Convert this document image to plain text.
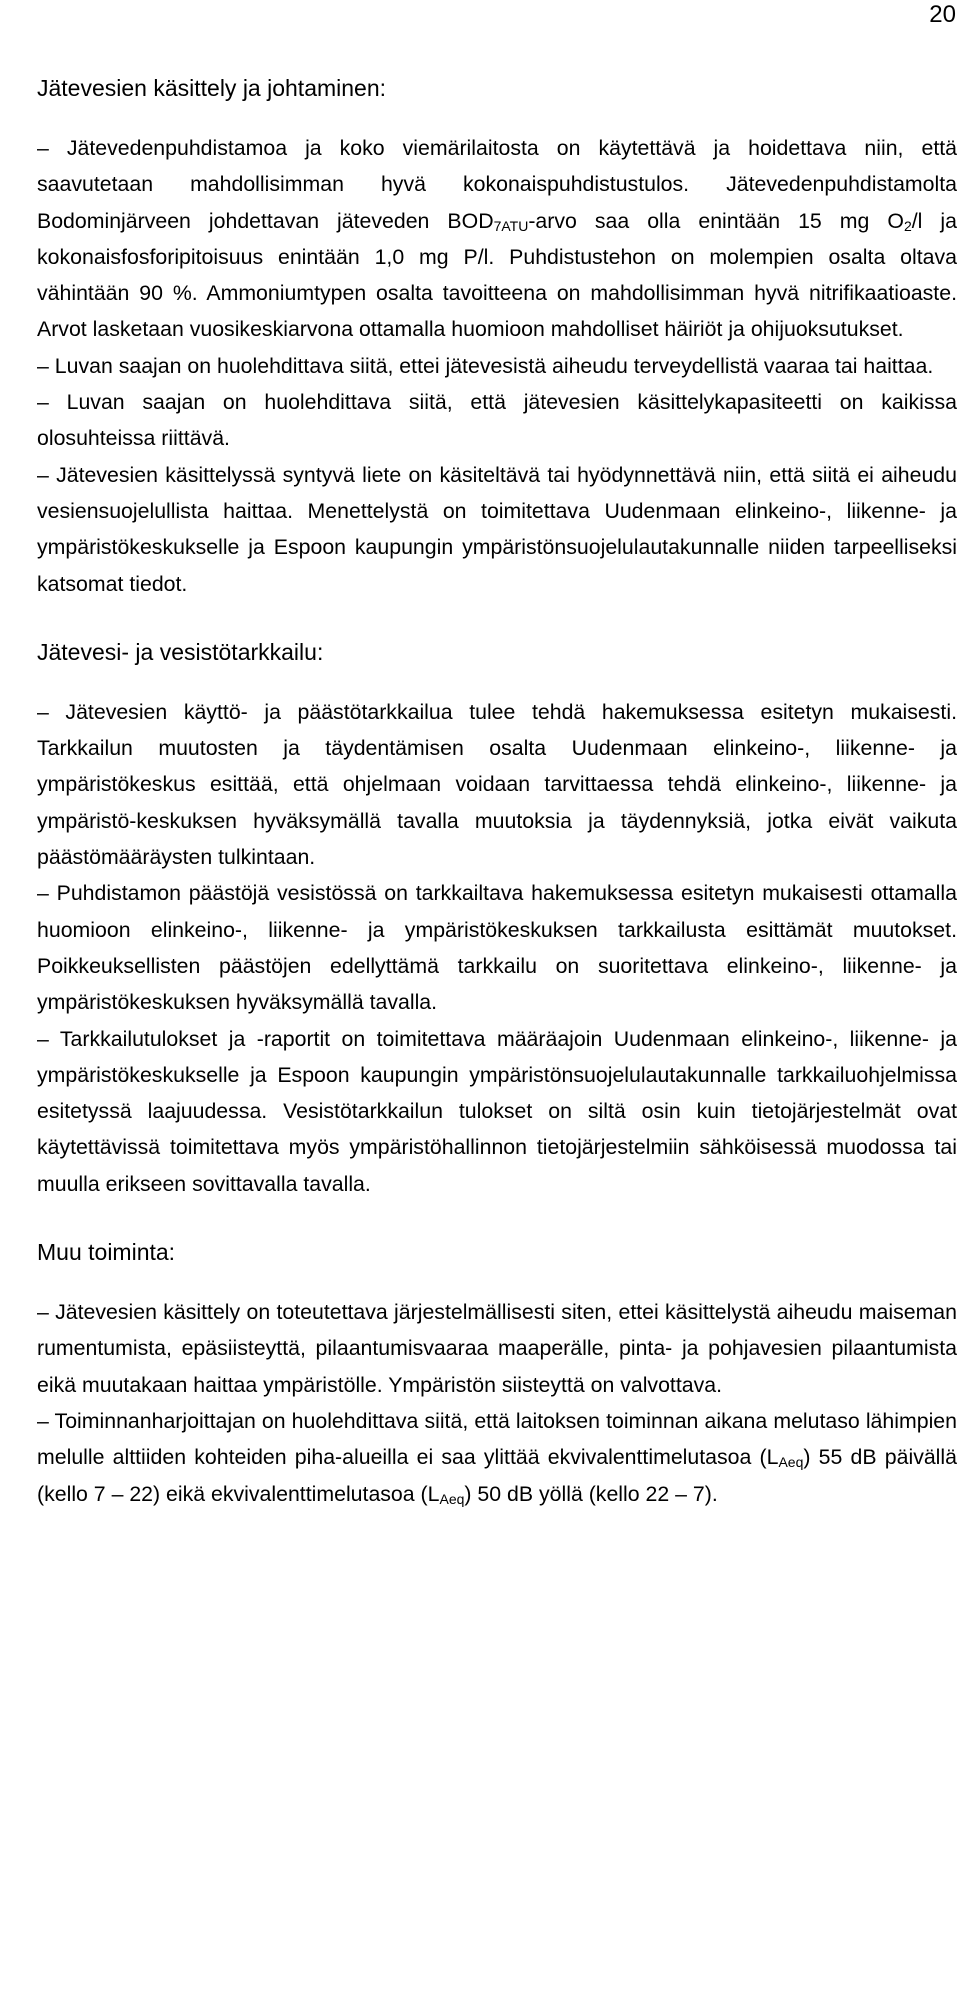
20
Jätevesien käsittely ja johtaminen:

– Jätevedenpuhdistamoa ja koko viemärilaitosta on käytettävä ja hoidettava niin, että saavutetaan mahdollisimman hyvä kokonaispuhdistustulos. Jätevedenpuhdistamolta Bodominjärveen johdettavan jäteveden $BOD_{7ATU}$-arvo saa olla enintään 15 mg $O_2/l$ ja kokonaisfosforipitoisuus enintään 1,0 mg P/l. Puhdistustehon on molempien osalta oltava vähintään 90 %. Ammoniumtypen osalta tavoitteena on mahdollisimman hyvä nitrifikaatioaste. Arvot lasketaan vuosikeskiarvona ottamalla huomioon mahdolliset häiriöt ja ohijuoksutukset.

– Luvan saajan on huolehdittava siitä, ettei jätevesistä aiheudu terveydellistä vaaraa tai haittaa.

– Luvan saajan on huolehdittava siitä, että jätevesien käsittelykapasiteetti on kaikissa olosuhteissa riittävä.

– Jätevesien käsittelyssä syntyvä liete on käsiteltävä tai hyödynnettävä niin, että siitä ei aiheudu vesiensuojelullista haittaa. Menettelystä on toimitettava Uudenmaan elinkeino-, liikenne- ja ympäristökeskukselle ja Espoon kaupungin ympäristönsuojelulautakunnalle niiden tarpeelliseksi katsomat tiedot.

Jätevesi- ja vesistötarkkailu:

– Jätevesien käyttö- ja päästötarkkailua tulee tehdä hakemuksessa esitetyn mukaisesti. Tarkkailun muutosten ja täydentämisen osalta Uudenmaan elinkeino-, liikenne- ja ympäristökeskus esittää, että ohjelmaan voidaan tarvittaessa tehdä elinkeino-, liikenne- ja ympäristö-keskuksen hyväksymällä tavalla muutoksia ja täydennyksiä, jotka eivät vaikuta päästömääräysten tulkintaan.

– Puhdistamon päästöjä vesistössä on tarkkailtava hakemuksessa esitetyn mukaisesti ottamalla huomioon elinkeino-, liikenne- ja ympäristökeskuksen tarkkailusta esittämät muutokset. Poikkeuksellisten päästöjen edellyttämä tarkkailu on suoritettava elinkeino-, liikenne- ja ympäristökeskuksen hyväksymällä tavalla.

– Tarkkailutulokset ja -raportit on toimitettava määräajoin Uudenmaan elinkeino-, liikenne- ja ympäristökeskukselle ja Espoon kaupungin ympäristönsuojelulautakunnalle tarkkailuohjelmissa esitetyssä laajuudessa. Vesistötarkkailun tulokset on siltä osin kuin tietojärjestelmät ovat käytettävissä toimitettava myös ympäristöhallinnon tietojärjestelmiin sähköisessä muodossa tai muulla erikseen sovittavalla tavalla.

Muu toiminta:

– Jätevesien käsittely on toteutettava järjestelmällisesti siten, ettei käsittelystä aiheudu maiseman rumentumista, epäsiisteyttä, pilaantumisvaaraa maaperälle, pinta- ja pohjavesien pilaantumista eikä muutakaan haittaa ympäristölle. Ympäristön siisteyttä on valvottava.

– Toiminnanharjoittajan on huolehdittava siitä, että laitoksen toiminnan aikana melutaso lähimpien melulle alttiiden kohteiden piha-alueilla ei saa ylittää ekvivalenttimelutasoa $(L_{Aeq})$ 55 dB päivällä (kello 7 – 22) eikä ekvivalenttimelutasoa $(L_{Aeq})$ 50 dB yöllä (kello 22 – 7).
